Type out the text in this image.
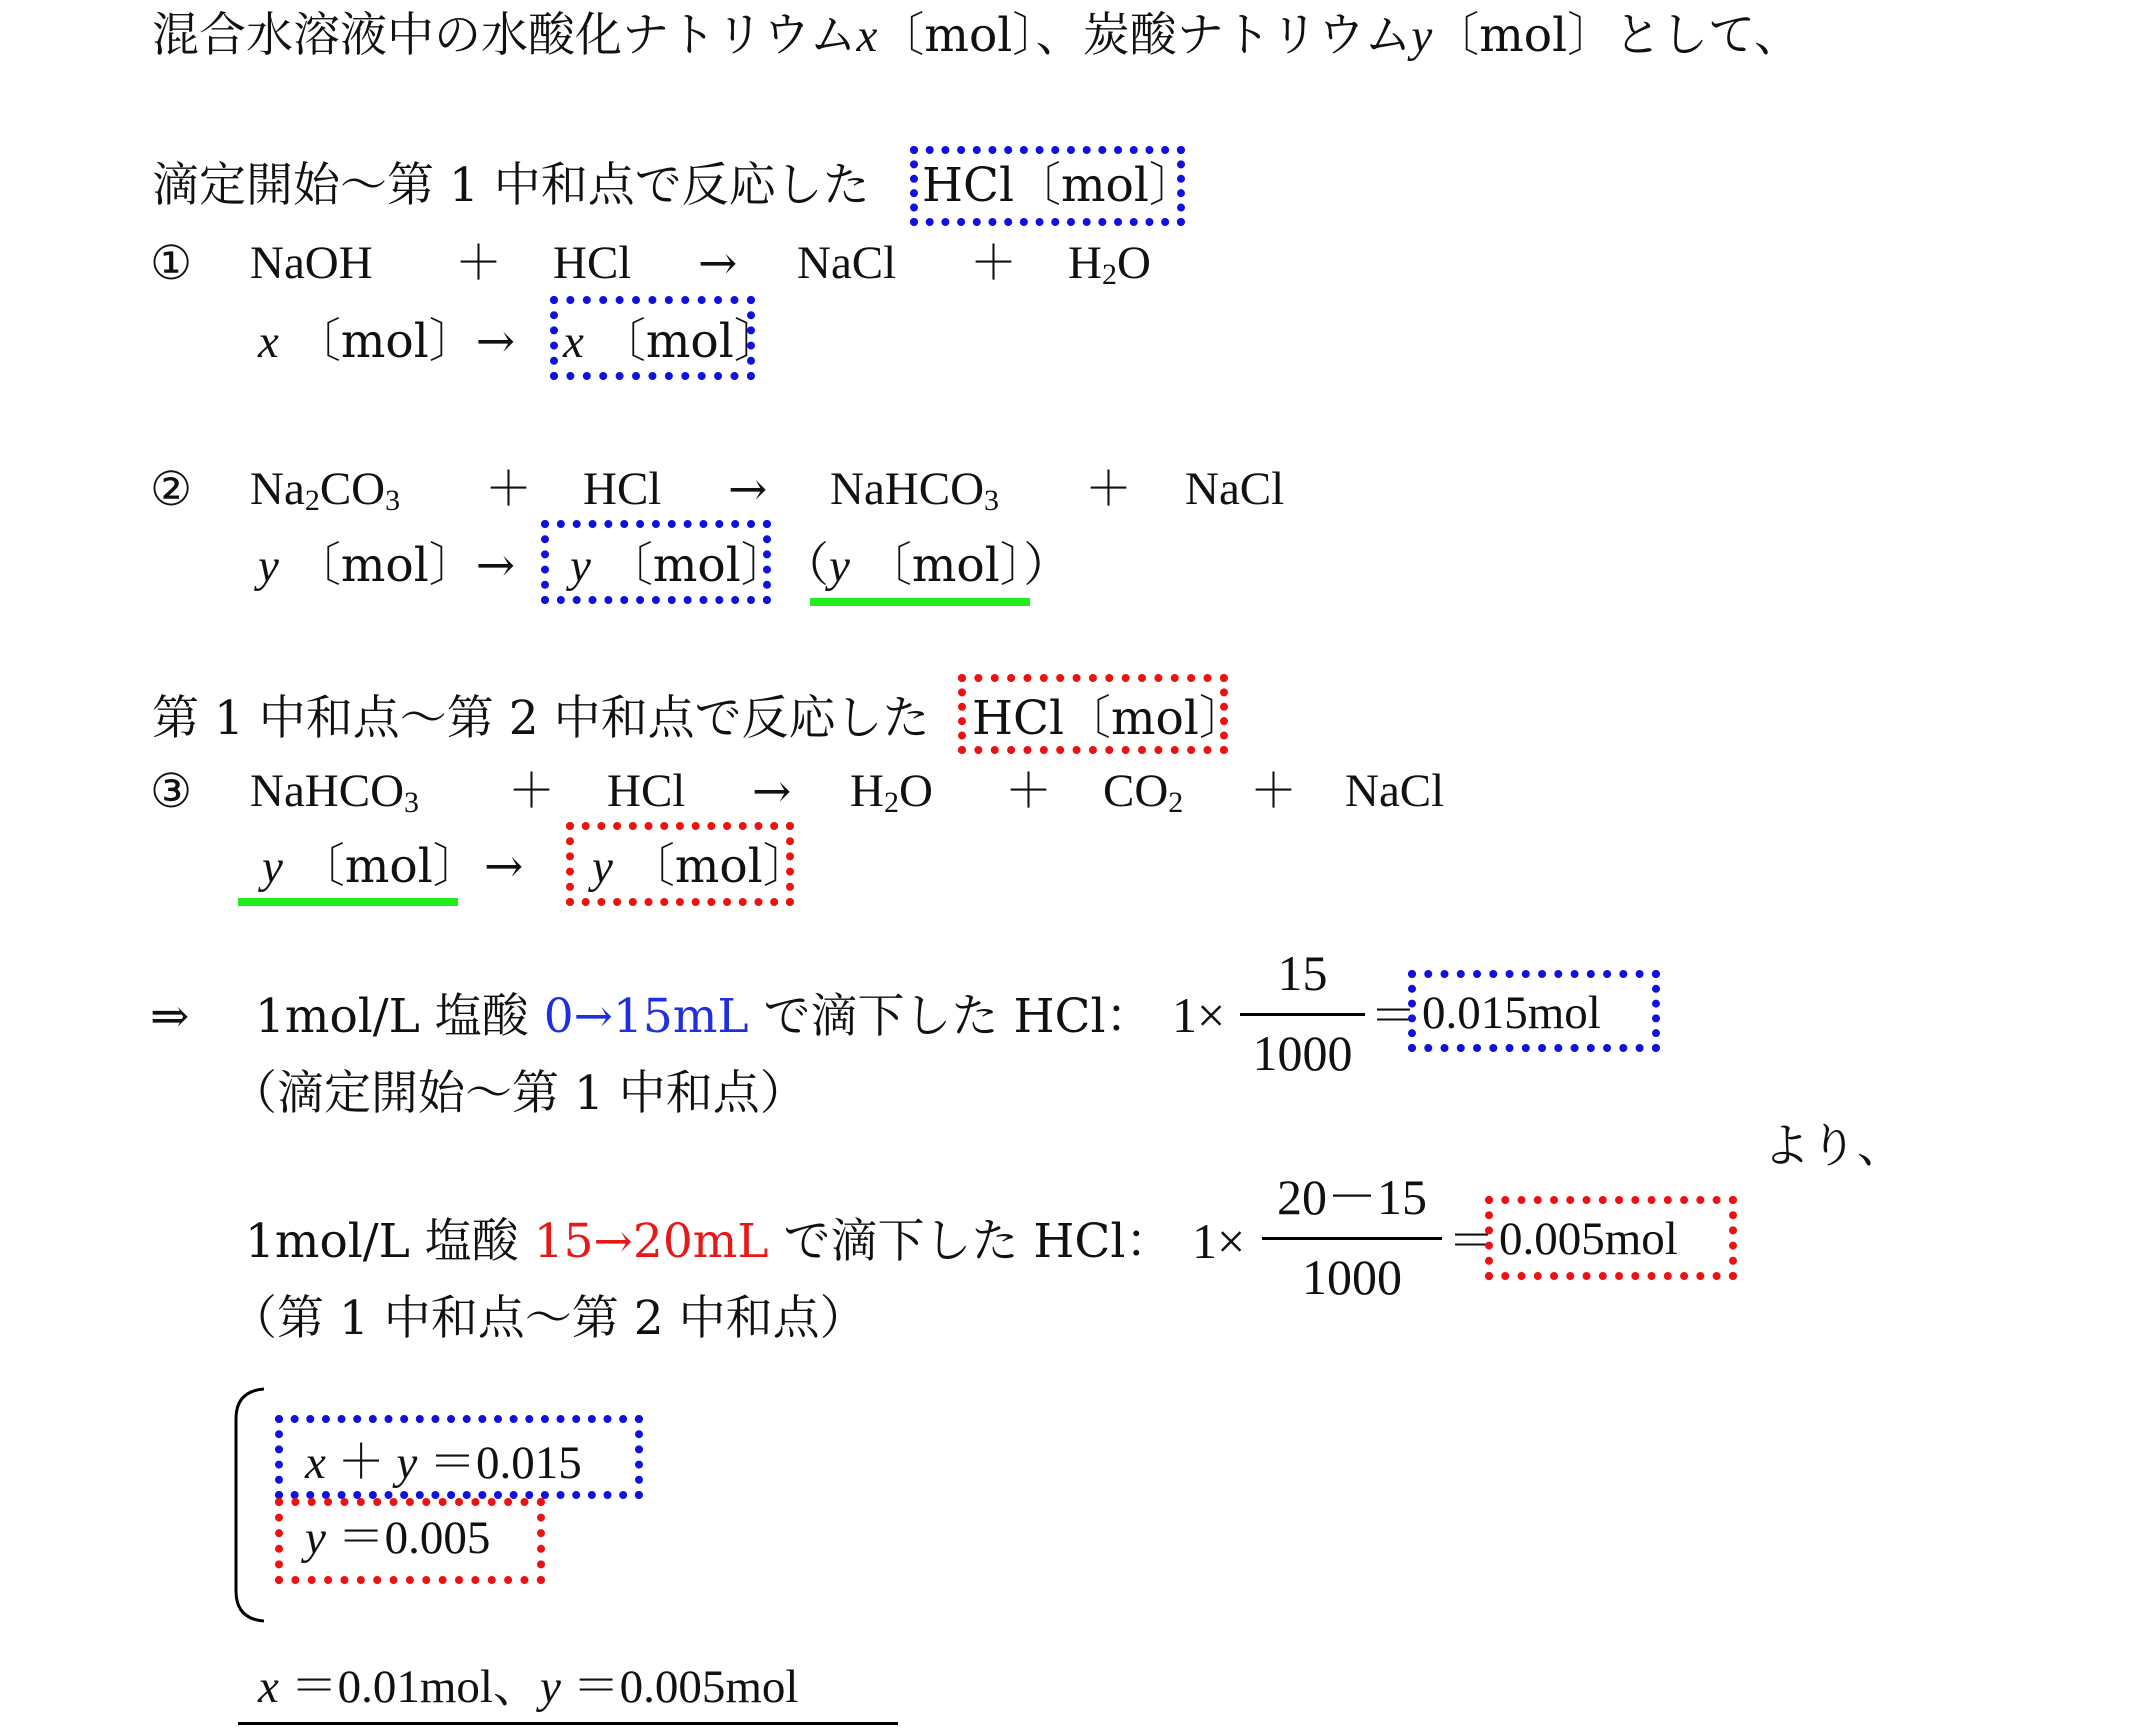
混合水溶液中の水酸化ナトリウムx〔mol〕、炭酸ナトリウムy〔mol〕として、
滴定開始～第 1 中和点で反応した HCl〔mol〕
① NaOH ＋ HCl → NaCl ＋ $H_2O$
x 〔mol〕→ x 〔mol〕
② $Na_2CO_3$ ＋ HCl → NaHCO$_3$ ＋ NaCl
y 〔mol〕→ y 〔mol〕
（y 〔mol〕）
第 1 中和点～第 2 中和点で反応した HCl〔mol〕
③ NaHCO$_3$ ＋ HCl → $H_2O + CO_2$ ＋ NaCl
y 〔mol〕 → y 〔mol〕
⇒ 1mol/L 塩酸 0→15mL で滴下した HCl： 1×
15
1000
＝ 0.015mol
（滴定開始～第 1 中和点）
より、
1mol/L 塩酸 15→20mL で滴下した HCl： 1×
20－15
1000
＝ 0.005mol
（第 1 中和点～第 2 中和点）
x ＋ y ＝0.015
y ＝0.005
x ＝0.01mol、y ＝0.005mol
